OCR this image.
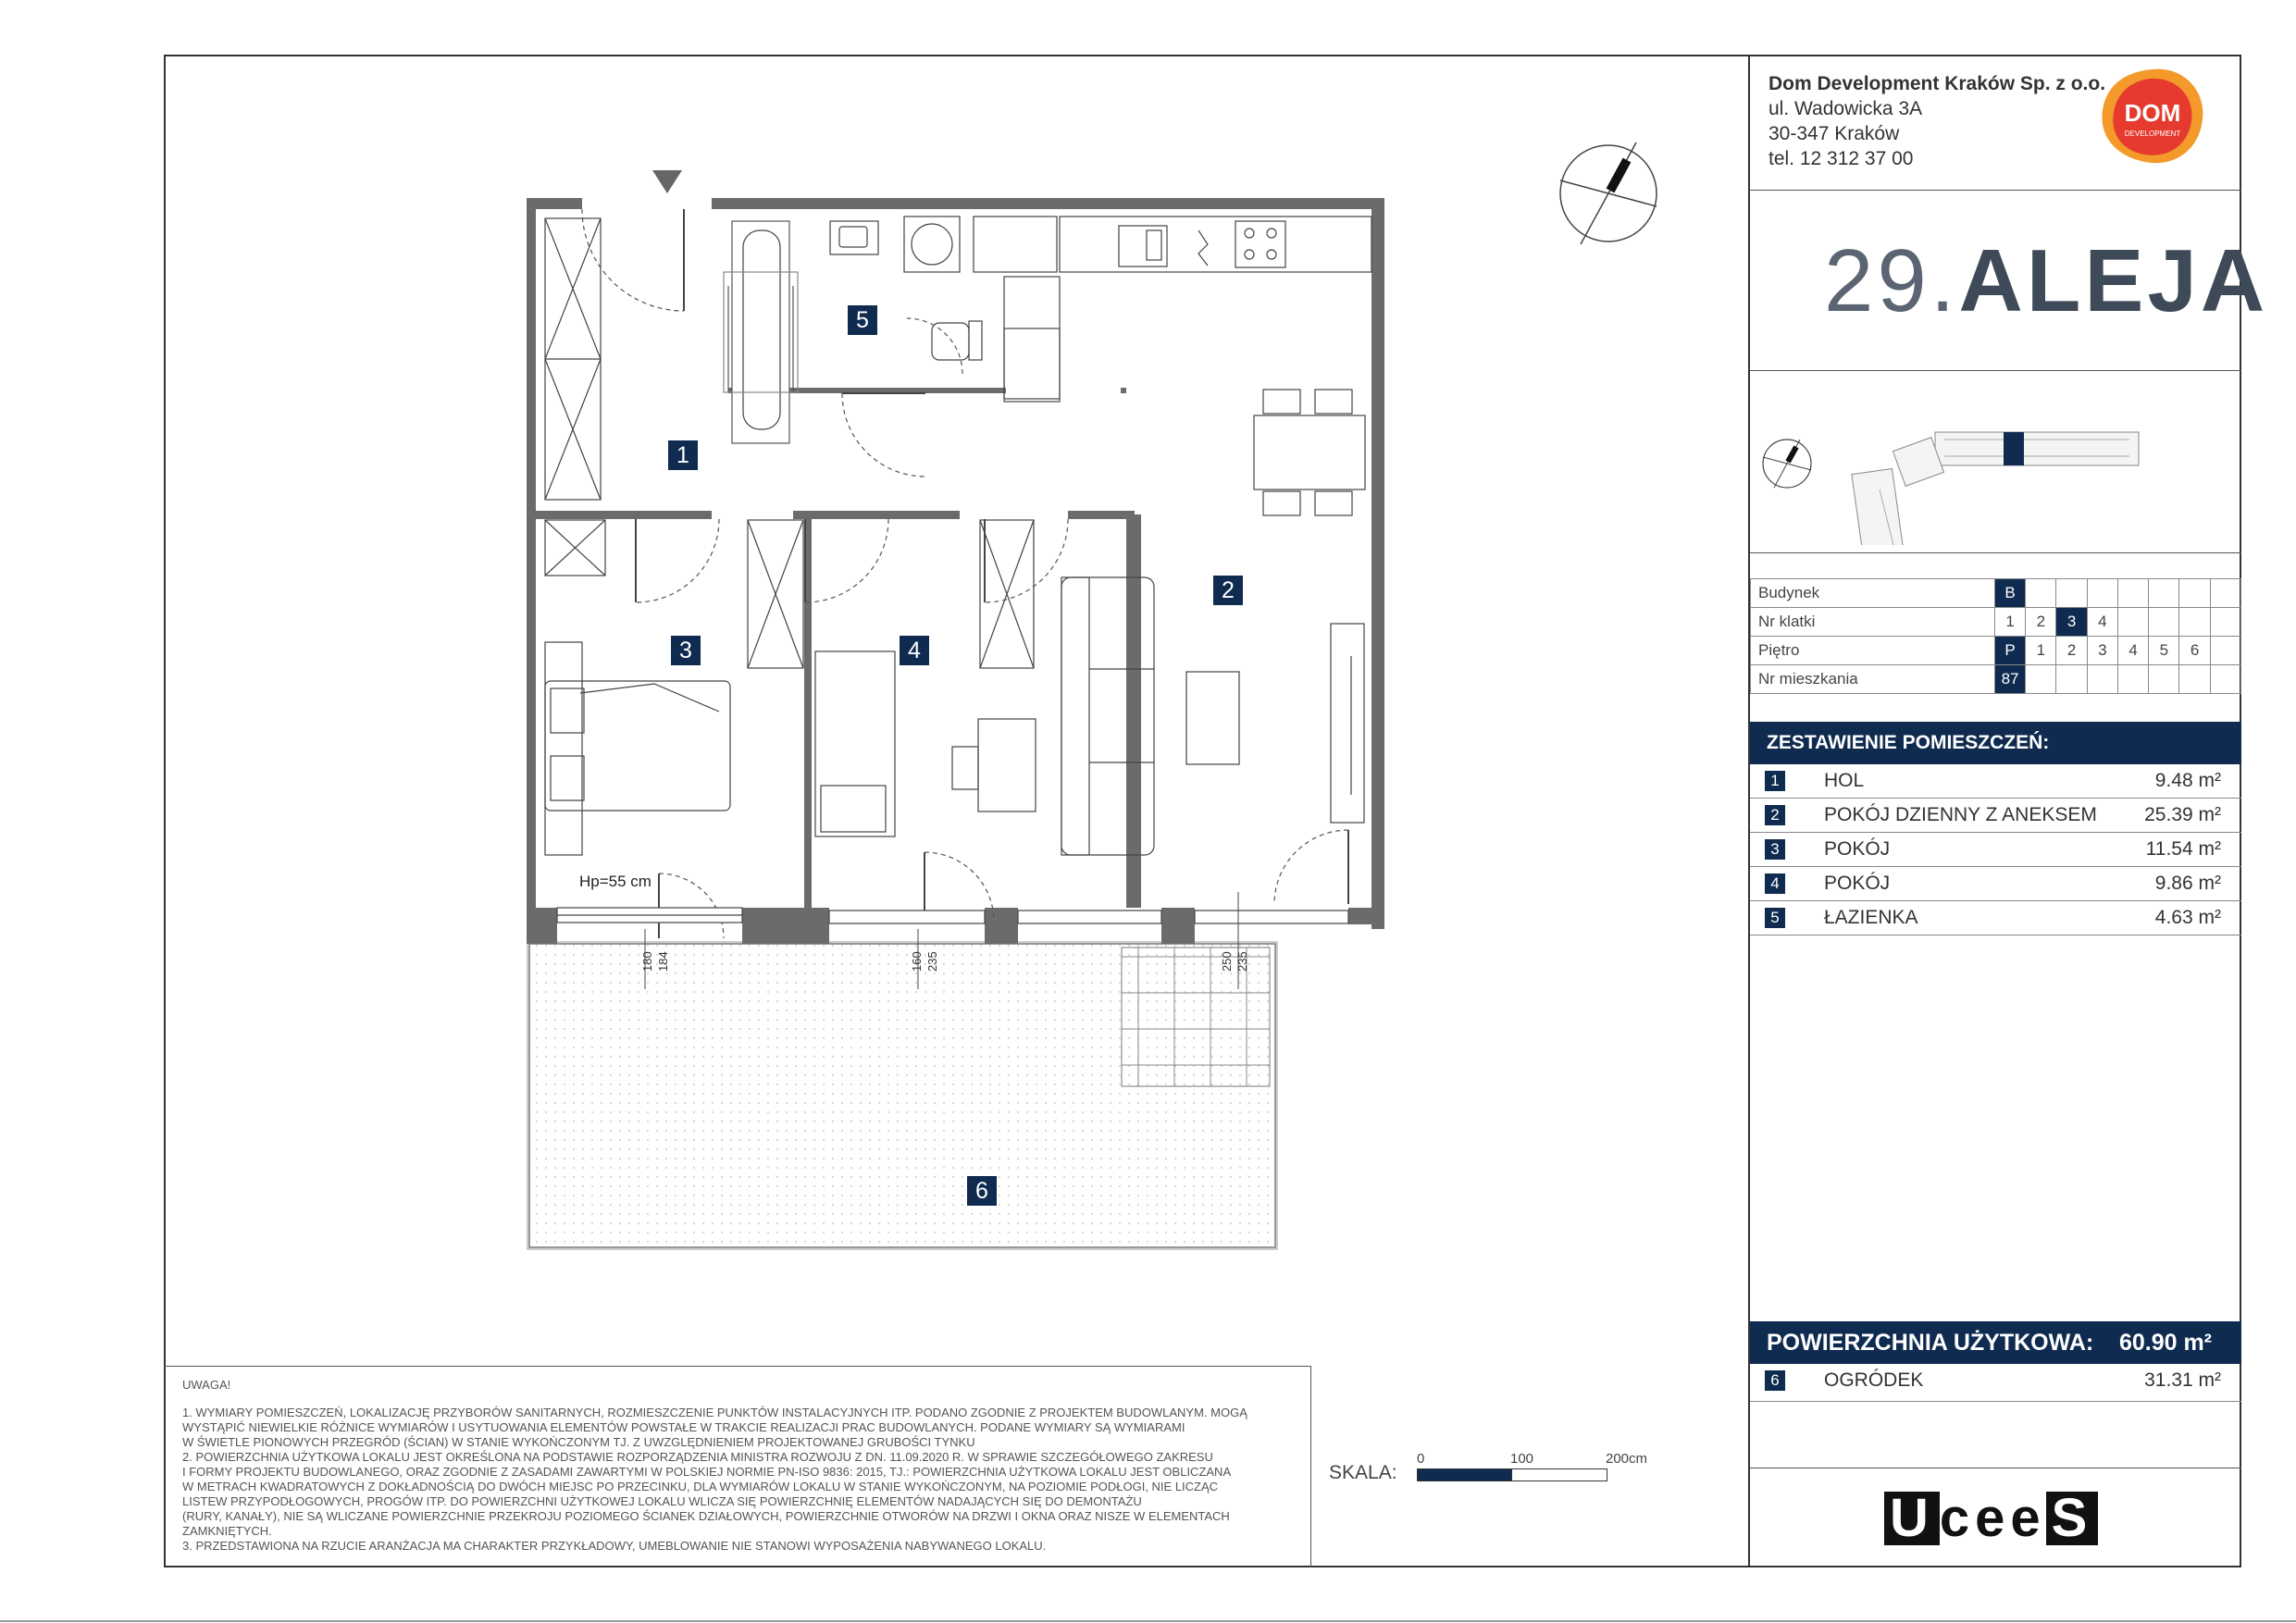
1
2
3	4
5
6
Hp=55 cm
180 184	160 235	250 235
UWAGA!
1. WYMIARY POMIESZCZEŃ, LOKALIZACJĘ PRZYBORÓW SANITARNYCH, ROZMIESZCZENIE PUNKTÓW INSTALACYJNYCH ITP. PODANO ZGODNIE Z PROJEKTEM BUDOWLANYM. MOGĄ
WYSTĄPIĆ NIEWIELKIE RÓŻNICE WYMIARÓW I USYTUOWANIA ELEMENTÓW POWSTAŁE W TRAKCIE REALIZACJI PRAC BUDOWLANYCH. PODANE WYMIARY SĄ WYMIARAMI
W ŚWIETLE PIONOWYCH PRZEGRÓD (ŚCIAN) W STANIE WYKOŃCZONYM TJ. Z UWZGLĘDNIENIEM PROJEKTOWANEJ GRUBOŚCI TYNKU
2. POWIERZCHNIA UŻYTKOWA LOKALU JEST OKREŚLONA NA PODSTAWIE ROZPORZĄDZENIA MINISTRA ROZWOJU Z DN. 11.09.2020 R. W SPRAWIE SZCZEGÓŁOWEGO ZAKRESU
I FORMY PROJEKTU BUDOWLANEGO, ORAZ ZGODNIE Z ZASADAMI ZAWARTYMI W POLSKIEJ NORMIE PN-ISO 9836: 2015, TJ.: POWIERZCHNIA UŻYTKOWA LOKALU JEST OBLICZANA
W METRACH KWADRATOWYCH Z DOKŁADNOŚCIĄ DO DWÓCH MIEJSC PO PRZECINKU, DLA WYMIARÓW LOKALU W STANIE WYKOŃCZONYM, NA POZIOMIE PODŁOGI, NIE LICZĄC
LISTEW PRZYPODŁOGOWYCH, PROGÓW ITP. DO POWIERZCHNI UŻYTKOWEJ LOKALU WLICZA SIĘ POWIERZCHNIĘ ELEMENTÓW NADAJĄCYCH SIĘ DO DEMONTAŻU
(RURY, KANAŁY), NIE SĄ WLICZANE POWIERZCHNIE PRZEKROJU POZIOMEGO ŚCIANEK DZIAŁOWYCH, POWIERZCHNIE OTWORÓW NA DRZWI I OKNA ORAZ NISZE W ELEMENTACH
ZAMKNIĘTYCH.
3. PRZEDSTAWIONA NA RZUCIE ARANŻACJA MA CHARAKTER PRZYKŁADOWY, UMEBLOWANIE NIE STANOWI WYPOSAŻENIA NABYWANEGO LOKALU.
SKALA:
0	100	200cm
Dom Development Kraków Sp. z o.o.
ul. Wadowicka 3A
30-347 Kraków
tel. 12 312 37 00
DOM
DEVELOPMENT
29.ALEJA
Budynek	B							
Nr klatki	1	2	3	4				
Piętro	P	1	2	3	4	5	6	
Nr mieszkania	87							
ZESTAWIENIE POMIESZCZEŃ:
1 HOL	9.48 m²
2 POKÓJ DZIENNY Z ANEKSEM 25.39 m²
3 POKÓJ	11.54 m²
4 POKÓJ	9.86 m²
5 ŁAZIENKA	4.63 m²
POWIERZCHNIA UŻYTKOWA: 60.90 m²
6 OGRÓDEK	31.31 m²
U cee S
